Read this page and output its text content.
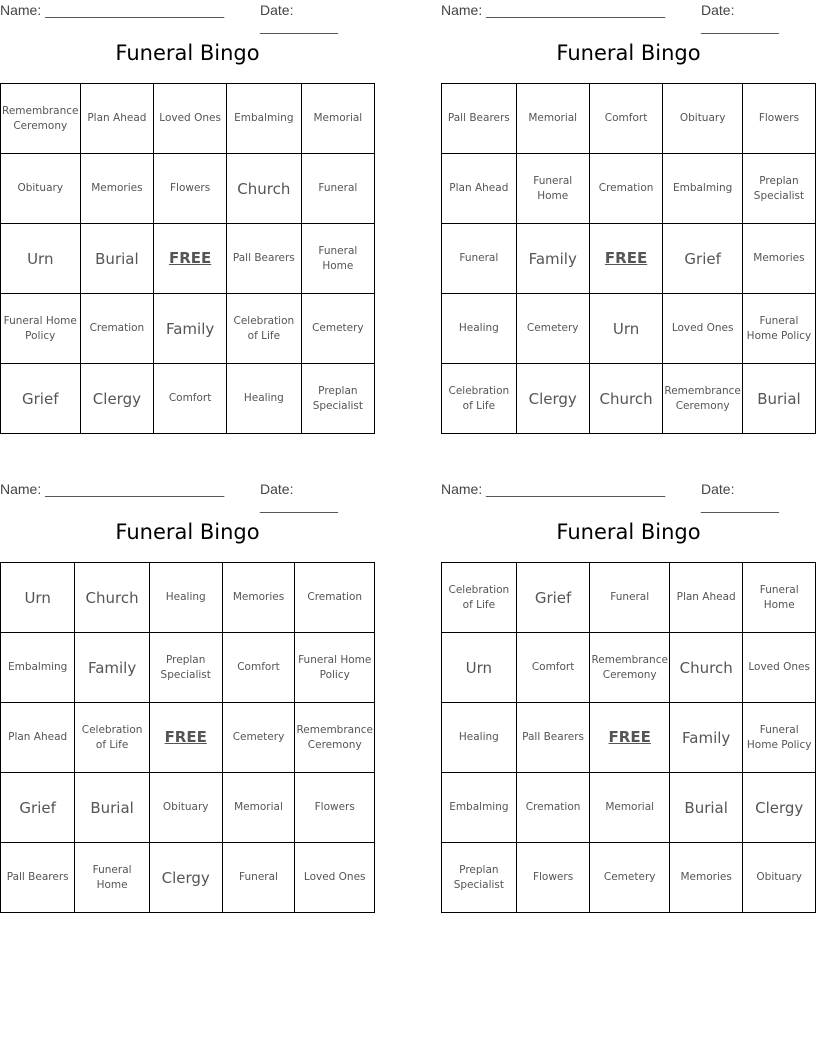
Name: _______________________	Date: __________
Funeral Bingo
Remembrance Ceremony	Plan Ahead	Loved Ones	Embalming	Memorial
Obituary	Memories	Flowers	Church	Funeral
Urn	Burial	FREE	Pall Bearers	Funeral Home
Funeral Home Policy	Cremation	Family	Celebration of Life	Cemetery
Grief	Clergy	Comfort	Healing	Preplan Specialist
Name: _______________________	Date: __________
Funeral Bingo
Pall Bearers	Memorial	Comfort	Obituary	Flowers
Plan Ahead	Funeral Home	Cremation	Embalming	Preplan Specialist
Funeral	Family	FREE	Grief	Memories
Healing	Cemetery	Urn	Loved Ones	Funeral Home Policy
Celebration of Life	Clergy	Church	Remembrance Ceremony	Burial
Name: _______________________	Date: __________
Funeral Bingo
Urn	Church	Healing	Memories	Cremation
Embalming	Family	Preplan Specialist	Comfort	Funeral Home Policy
Plan Ahead	Celebration of Life	FREE	Cemetery	Remembrance Ceremony
Grief	Burial	Obituary	Memorial	Flowers
Pall Bearers	Funeral Home	Clergy	Funeral	Loved Ones
Name: _______________________	Date: __________
Funeral Bingo
Celebration of Life	Grief	Funeral	Plan Ahead	Funeral Home
Urn	Comfort	Remembrance Ceremony	Church	Loved Ones
Healing	Pall Bearers	FREE	Family	Funeral Home Policy
Embalming	Cremation	Memorial	Burial	Clergy
Preplan Specialist	Flowers	Cemetery	Memories	Obituary
